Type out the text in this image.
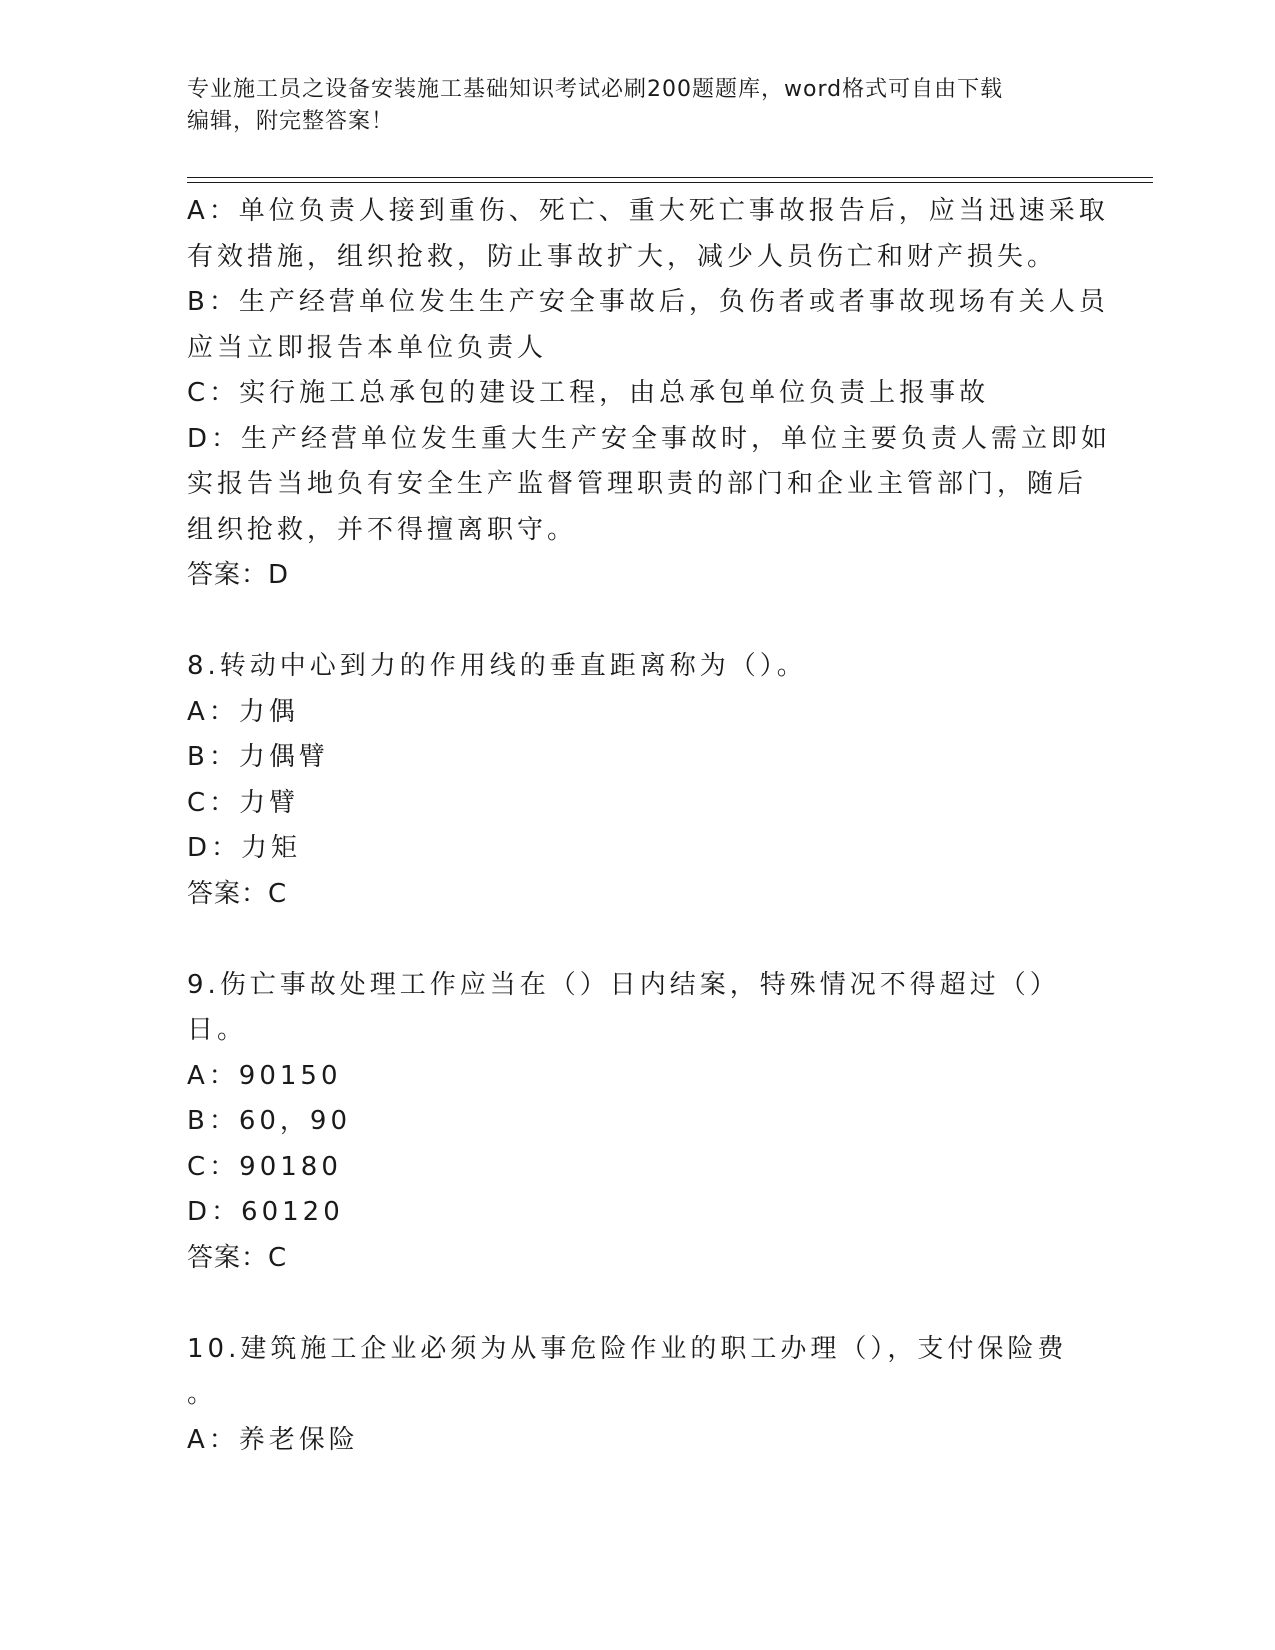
专业施工员之设备安装施工基础知识考试必刷200题题库，word格式可自由下载
编辑，附完整答案！
A：单位负责人接到重伤、死亡、重大死亡事故报告后，应当迅速采取
有效措施，组织抢救，防止事故扩大，减少人员伤亡和财产损失。
B：生产经营单位发生生产安全事故后，负伤者或者事故现场有关人员
应当立即报告本单位负责人
C：实行施工总承包的建设工程，由总承包单位负责上报事故
D：生产经营单位发生重大生产安全事故时，单位主要负责人需立即如
实报告当地负有安全生产监督管理职责的部门和企业主管部门，随后
组织抢救，并不得擅离职守。
答案：D
8.转动中心到力的作用线的垂直距离称为（）。
A：力偶
B：力偶臂
C：力臂
D：力矩
答案：C
9.伤亡事故处理工作应当在（）日内结案，特殊情况不得超过（）
日。
A：90150
B：60，90
C：90180
D：60120
答案：C
10.建筑施工企业必须为从事危险作业的职工办理（），支付保险费
。
A：养老保险
